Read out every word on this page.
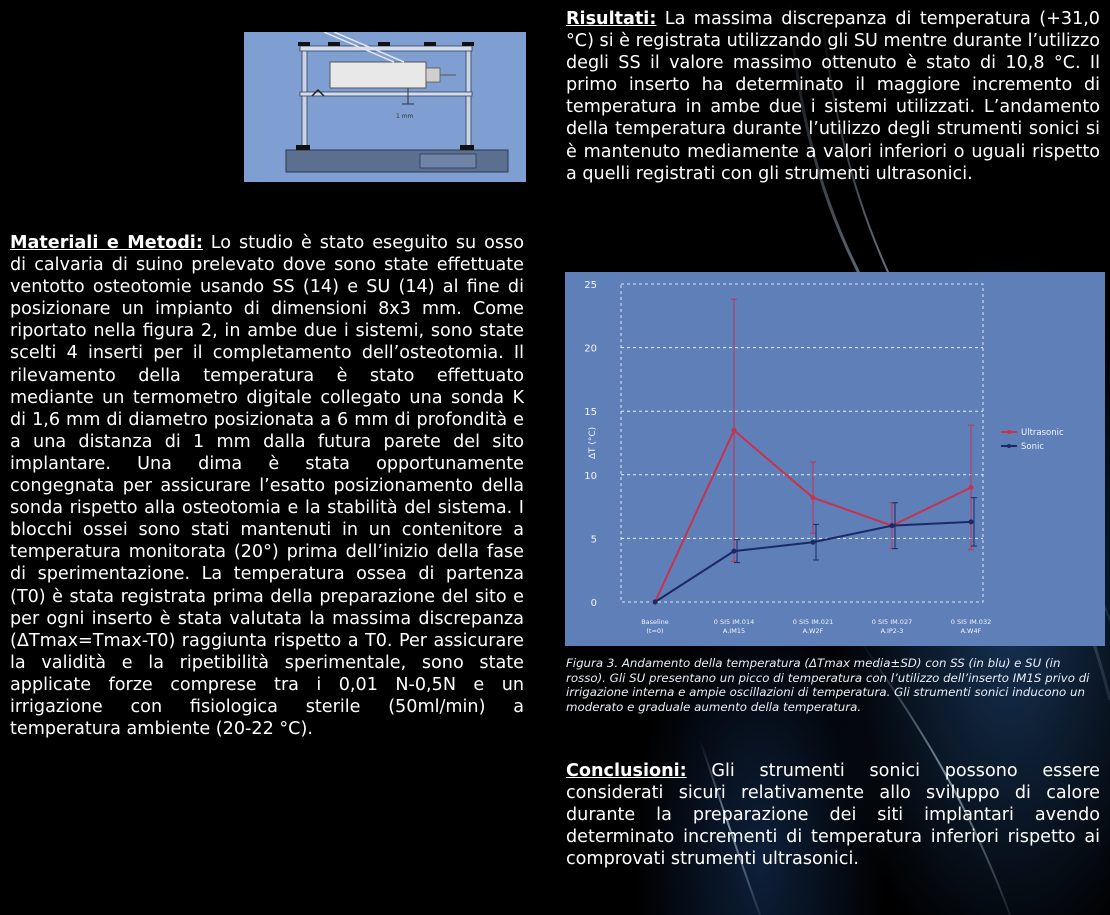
1 mm
Materiali e Metodi: Lo studio è stato eseguito su osso di calvaria di suino prelevato dove sono state effettuate ventotto osteotomie usando SS (14) e SU (14) al fine di posizionare un impianto di dimensioni 8x3 mm. Come riportato nella figura 2, in ambe due i sistemi, sono state scelti 4 inserti per il completamento dell’osteotomia. Il rilevamento della temperatura è stato effettuato mediante un termometro digitale collegato una sonda K di 1,6 mm di diametro posizionata a 6 mm di profondità e a una distanza di 1 mm dalla futura parete del sito implantare. Una dima è stata opportunamente congegnata per assicurare l’esatto posizionamento della sonda rispetto alla osteotomia e la stabilità del sistema. I blocchi ossei sono stati mantenuti in un contenitore a temperatura monitorata (20°) prima dell’inizio della fase di sperimentazione. La temperatura ossea di partenza (T0) è stata registrata prima della preparazione del sito e per ogni inserto è stata valutata la massima discrepanza (ΔTmax=Tmax-T0) raggiunta rispetto a T0. Per assicurare la validità e la ripetibilità sperimentale, sono state applicate forze comprese tra i 0,01 N-0,5N e un irrigazione con fisiologica sterile (50ml/min) a temperatura ambiente (20-22 °C).
Risultati: La massima discrepanza di temperatura (+31,0 °C) si è registrata utilizzando gli SU mentre durante l’utilizzo degli SS il valore massimo ottenuto è stato di 10,8 °C. Il primo inserto ha determinato il maggiore incremento di temperatura in ambe due i sistemi utilizzati. L’andamento della temperatura durante l’utilizzo degli strumenti sonici si è mantenuto mediamente a valori inferiori o uguali rispetto a quelli registrati con gli strumenti ultrasonici.
0
5
10
15
20
25
ΔT (°C)
Baseline (t=0)
0 SI5 IM.014 A.IM15
0 SI5 IM.021 A.W2F
0 SI5 IM.027 A.IP2-3
0 SI5 IM.032 A.W4F
Ultrasonic
Sonic
Figura 3. Andamento della temperatura (ΔTmax media±SD) con SS (in blu) e SU (in rosso). Gli SU presentano un picco di temperatura con l’utilizzo dell’inserto IM1S privo di irrigazione interna e ampie oscillazioni di temperatura. Gli strumenti sonici inducono un moderato e graduale aumento della temperatura.
Conclusioni: Gli strumenti sonici possono essere considerati sicuri relativamente allo sviluppo di calore durante la preparazione dei siti implantari avendo determinato incrementi di temperatura inferiori rispetto ai comprovati strumenti ultrasonici.
